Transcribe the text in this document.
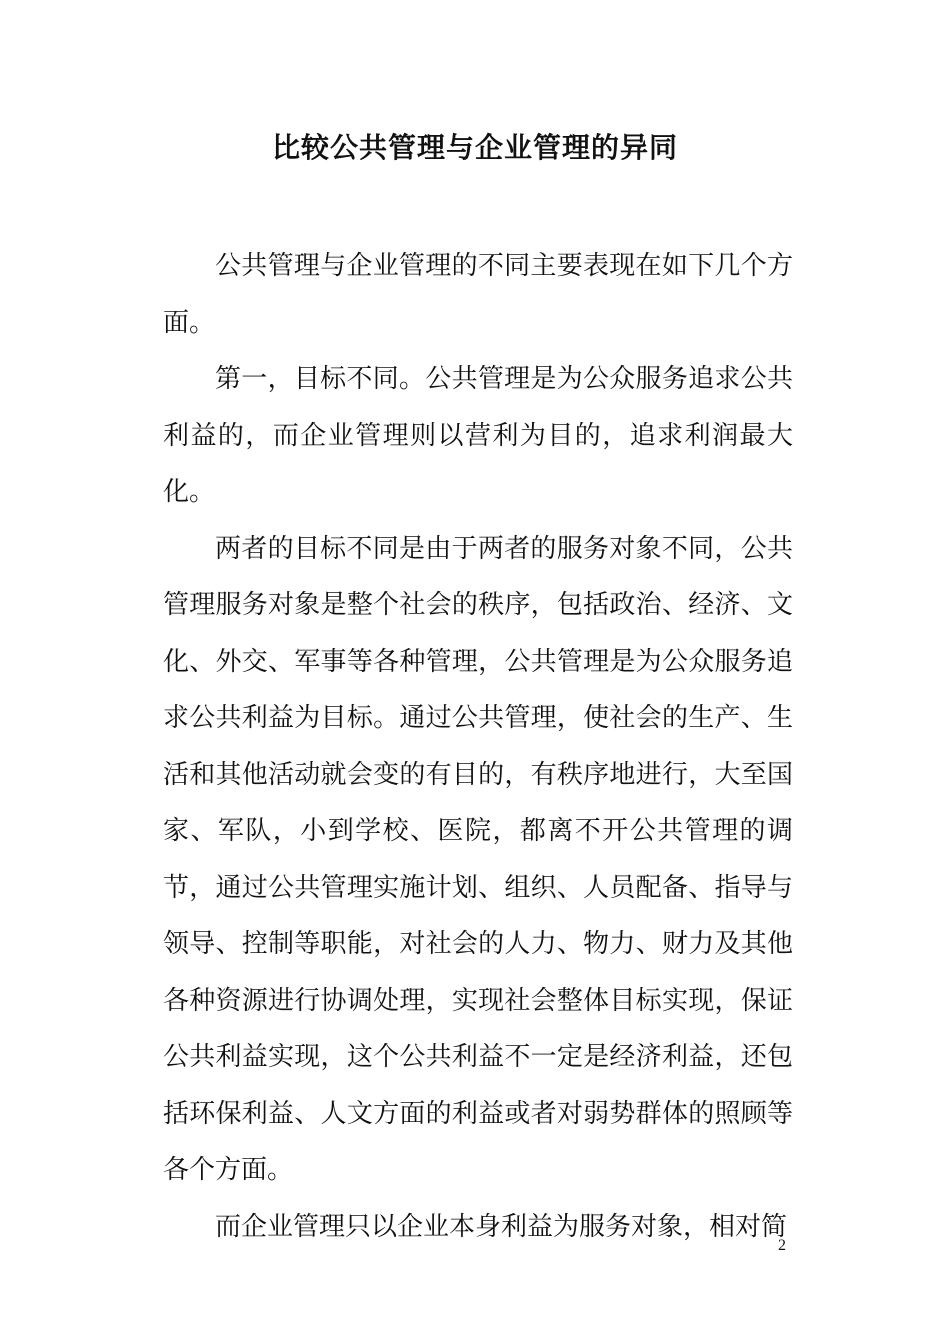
比较公共管理与企业管理的异同

公共管理与企业管理的不同主要表现在如下几个方面。

第一，目标不同。公共管理是为公众服务追求公共利益的，而企业管理则以营利为目的，追求利润最大化。

两者的目标不同是由于两者的服务对象不同，公共管理服务对象是整个社会的秩序，包括政治、经济、文化、外交、军事等各种管理，公共管理是为公众服务追求公共利益为目标。通过公共管理，使社会的生产、生活和其他活动就会变的有目的，有秩序地进行，大至国家、军队，小到学校、医院，都离不开公共管理的调节，通过公共管理实施计划、组织、人员配备、指导与领导、控制等职能，对社会的人力、物力、财力及其他各种资源进行协调处理，实现社会整体目标实现，保证公共利益实现，这个公共利益不一定是经济利益，还包括环保利益、人文方面的利益或者对弱势群体的照顾等各个方面。

而企业管理只以企业本身利益为服务对象，相对简

2
